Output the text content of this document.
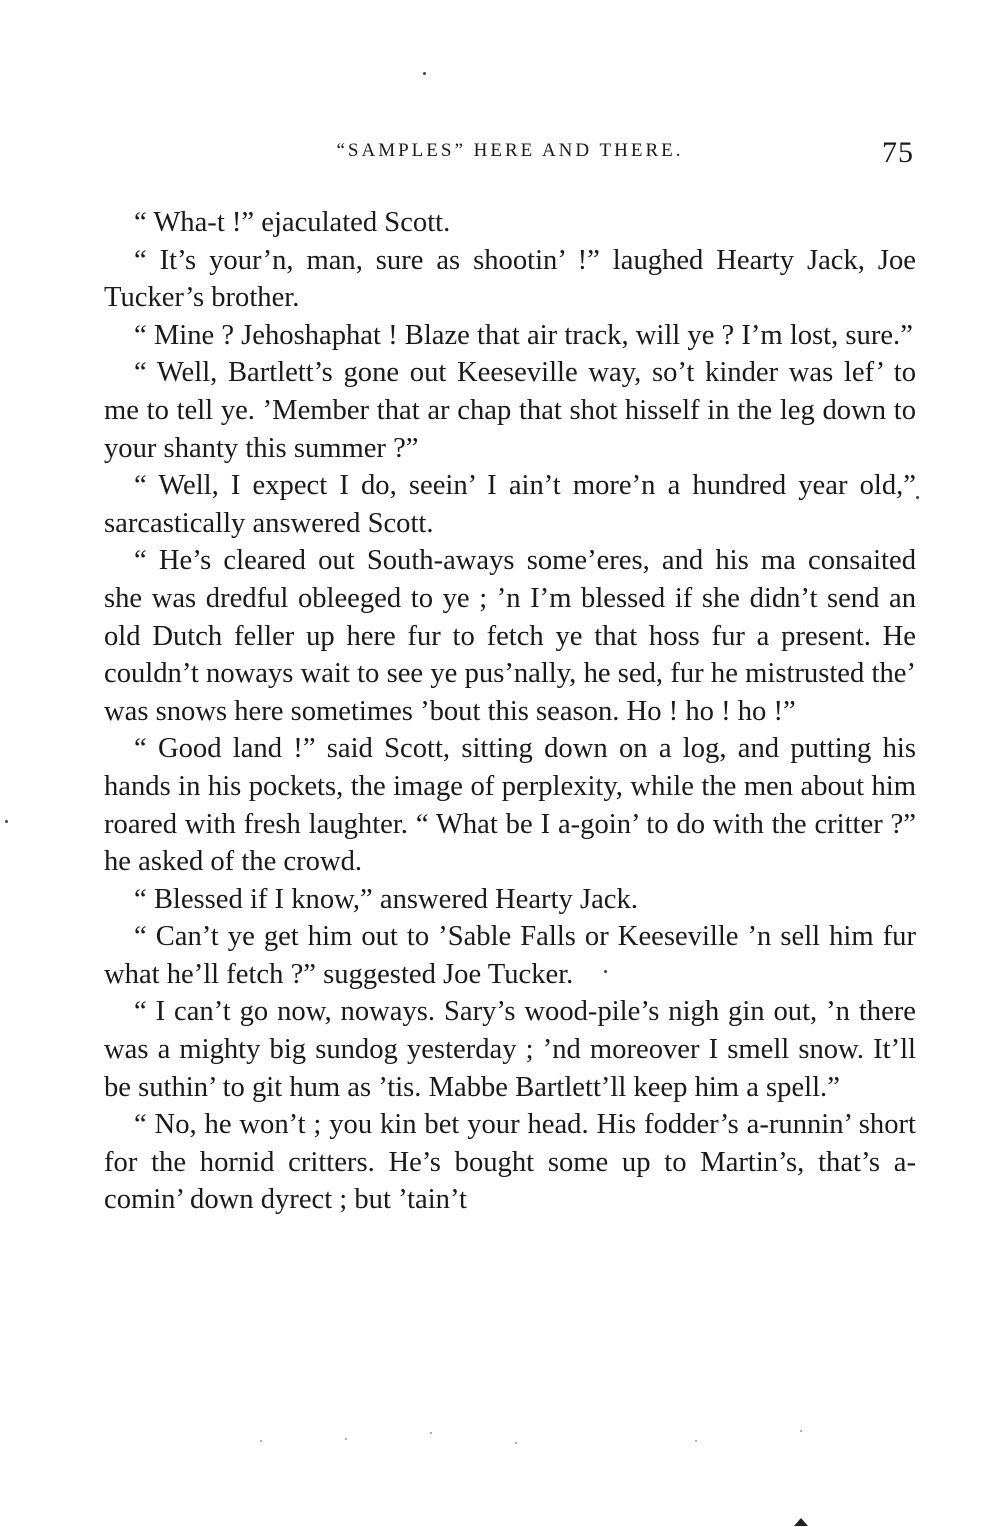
“SAMPLES” HERE AND THERE.	75

“ Wha-t !” ejaculated Scott.

“ It’s your’n, man, sure as shootin’ !” laughed Hearty Jack, Joe Tucker’s brother.

“ Mine ? Jehoshaphat ! Blaze that air track, will ye ? I’m lost, sure.”

“ Well, Bartlett’s gone out Keeseville way, so’t kinder was lef’ to me to tell ye. ’Member that ar chap that shot hisself in the leg down to your shanty this summer ?”

“ Well, I expect I do, seein’ I ain’t more’n a hundred year old,” sarcastically answered Scott.

“ He’s cleared out South-aways some’eres, and his ma consaited she was dredful obleeged to ye ; ’n I’m blessed if she didn’t send an old Dutch feller up here fur to fetch ye that hoss fur a present. He couldn’t noways wait to see ye pus’nally, he sed, fur he mistrusted the’ was snows here sometimes ’bout this season. Ho ! ho ! ho !”

“ Good land !” said Scott, sitting down on a log, and putting his hands in his pockets, the image of perplexity, while the men about him roared with fresh laughter. “ What be I a-goin’ to do with the critter ?” he asked of the crowd.

“ Blessed if I know,” answered Hearty Jack.

“ Can’t ye get him out to ’Sable Falls or Keeseville ’n sell him fur what he’ll fetch ?” suggested Joe Tucker.

“ I can’t go now, noways. Sary’s wood-pile’s nigh gin out, ’n there was a mighty big sundog yesterday ; ’nd moreover I smell snow. It’ll be suthin’ to git hum as ’tis. Mabbe Bartlett’ll keep him a spell.”

“ No, he won’t ; you kin bet your head. His fodder’s a-runnin’ short for the hornid critters. He’s bought some up to Martin’s, that’s a-comin’ down dyrect ; but ’tain’t
